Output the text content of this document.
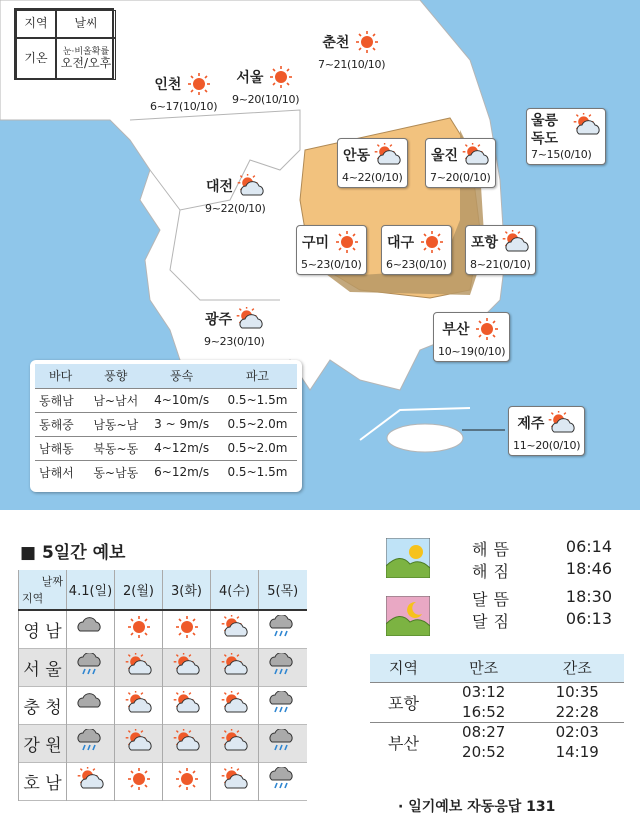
지역	날씨
기온	눈·비올확률
오전/오후
춘천
7~21(10/10)
인천
6~17(10/10)
서울
9~20(10/10)
울릉
독도
7~15(0/10)
안동
4~22(0/10)
울진
7~20(0/10)
대전
9~22(0/10)
구미
5~23(0/10)
대구
6~23(0/10)
포항
8~21(0/10)
광주
9~23(0/10)
부산
10~19(0/10)
제주
11~20(0/10)
바다	풍향	풍속	파고
동해남	남~남서	4~10m/s	0.5~1.5m
동해중	남동~남	3 ~ 9m/s	0.5~2.0m
남해동	북동~동	4~12m/s	0.5~2.0m
남해서	동~남동	6~12m/s	0.5~1.5m
■ 5일간 예보
날짜
지역	4.1(일)	2(월)	3(화)	4(수)	5(목)
영 남					
서 울					
충 청					
강 원					
호 남					
해뜸	06:14
해짐	18:46
달뜸	18:30
달짐	06:13
지역	만조	간조
포항	03:12	10:35
	16:52	22:28
부산	08:27	02:03
	20:52	14:19
· 일기예보 자동응답 131
